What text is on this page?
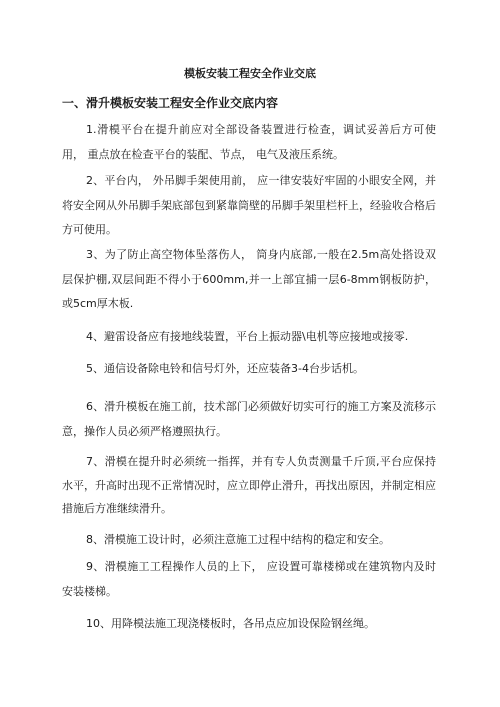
模板安装工程安全作业交底
一、滑升模板安装工程安全作业交底内容

1.滑模平台在提升前应对全部设备装置进行检查，调试妥善后方可使用， 重点放在检查平台的装配、节点， 电气及液压系统。

2、平台内， 外吊脚手架使用前， 应一律安装好牢固的小眼安全网，并将安全网从外吊脚手架底部包到紧靠筒壁的吊脚手架里栏杆上，经验收合格后方可使用。

3、为了防止高空物体坠落伤人， 筒身内底部,一般在2.5m高处搭设双层保护棚,双层间距不得小于600mm,并一上部宜捕一层6-8mm钢板防护，或5cm厚木板.

4、避雷设备应有接地线装置，平台上振动器\电机等应接地或接零.

5、通信设备除电铃和信号灯外，还应装备3-4台步话机。

6、滑升模板在施工前，技术部门必须做好切实可行的施工方案及流移示意，操作人员必须严格遵照执行。

7、滑模在提升时必须统一指挥，并有专人负责测量千斤顶,平台应保持水平，升高时出现不正常情况时，应立即停止滑升，再找出原因，并制定相应措施后方准继续滑升。

8、滑模施工设计时，必须注意施工过程中结构的稳定和安全。

9、滑模施工工程操作人员的上下， 应设置可靠楼梯或在建筑物内及时安装楼梯。

10、用降模法施工现浇楼板时，各吊点应加设保险钢丝绳。
